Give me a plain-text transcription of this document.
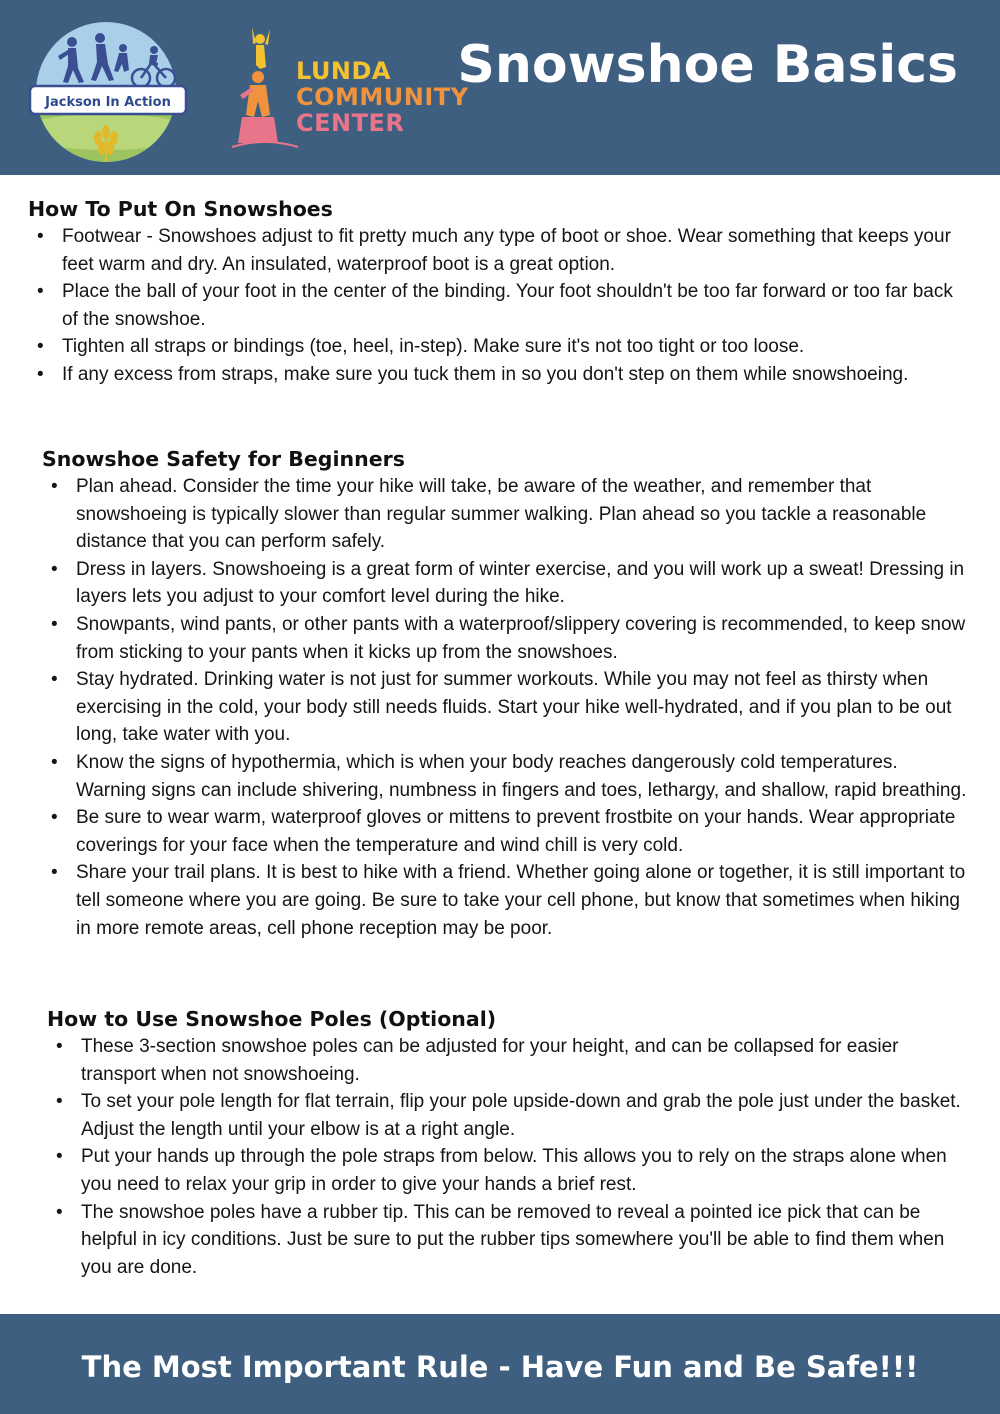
Jackson In Action
LUNDA
COMMUNITY
CENTER
Snowshoe Basics
How To Put On Snowshoes
• Footwear - Snowshoes adjust to fit pretty much any type of boot or shoe. Wear something that keeps your feet warm and dry. An insulated, waterproof boot is a great option.
• Place the ball of your foot in the center of the binding. Your foot shouldn't be too far forward or too far back of the snowshoe.
• Tighten all straps or bindings (toe, heel, in-step). Make sure it's not too tight or too loose.
• If any excess from straps, make sure you tuck them in so you don't step on them while snowshoeing.
Snowshoe Safety for Beginners
• Plan ahead. Consider the time your hike will take, be aware of the weather, and remember that snowshoeing is typically slower than regular summer walking. Plan ahead so you tackle a reasonable distance that you can perform safely.
• Dress in layers. Snowshoeing is a great form of winter exercise, and you will work up a sweat! Dressing in layers lets you adjust to your comfort level during the hike.
• Snowpants, wind pants, or other pants with a waterproof/slippery covering is recommended, to keep snow from sticking to your pants when it kicks up from the snowshoes.
• Stay hydrated. Drinking water is not just for summer workouts. While you may not feel as thirsty when exercising in the cold, your body still needs fluids. Start your hike well-hydrated, and if you plan to be out long, take water with you.
• Know the signs of hypothermia, which is when your body reaches dangerously cold temperatures. Warning signs can include shivering, numbness in fingers and toes, lethargy, and shallow, rapid breathing.
• Be sure to wear warm, waterproof gloves or mittens to prevent frostbite on your hands. Wear appropriate coverings for your face when the temperature and wind chill is very cold.
• Share your trail plans. It is best to hike with a friend. Whether going alone or together, it is still important to tell someone where you are going. Be sure to take your cell phone, but know that sometimes when hiking in more remote areas, cell phone reception may be poor.
How to Use Snowshoe Poles (Optional)
• These 3-section snowshoe poles can be adjusted for your height, and can be collapsed for easier transport when not snowshoeing.
• To set your pole length for flat terrain, flip your pole upside-down and grab the pole just under the basket. Adjust the length until your elbow is at a right angle.
• Put your hands up through the pole straps from below. This allows you to rely on the straps alone when you need to relax your grip in order to give your hands a brief rest.
• The snowshoe poles have a rubber tip. This can be removed to reveal a pointed ice pick that can be helpful in icy conditions. Just be sure to put the rubber tips somewhere you'll be able to find them when you are done.
The Most Important Rule - Have Fun and Be Safe!!!
